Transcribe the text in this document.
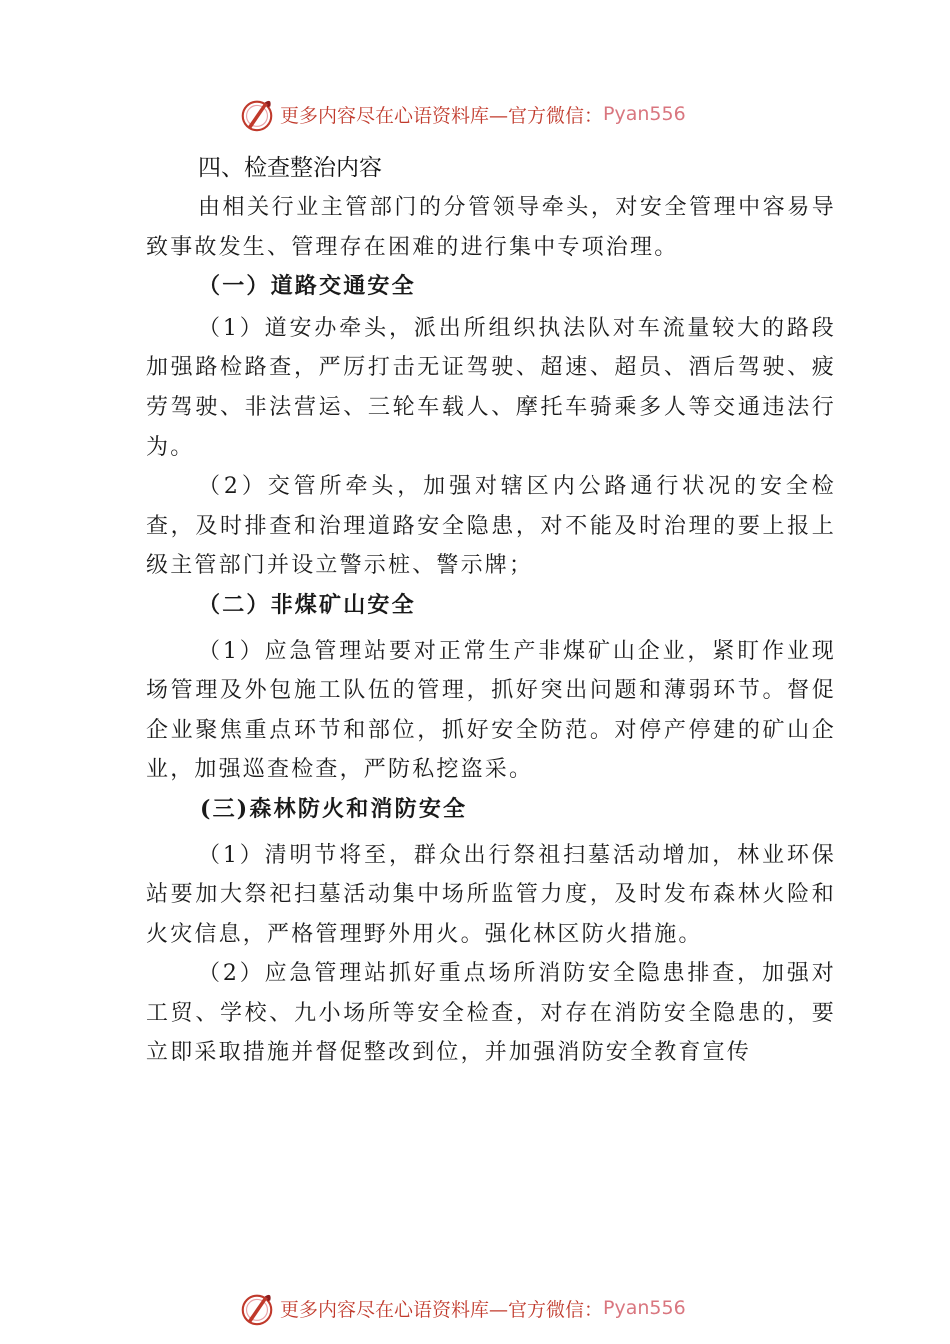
更多内容尽在心语资料库—官方微信： Pyan556
四、检查整治内容

由相关行业主管部门的分管领导牵头，对安全管理中容易导致事故发生、管理存在困难的进行集中专项治理。

（一）道路交通安全

（1）道安办牵头，派出所组织执法队对车流量较大的路段加强路检路查，严厉打击无证驾驶、超速、超员、酒后驾驶、疲劳驾驶、非法营运、三轮车载人、摩托车骑乘多人等交通违法行为。

（2）交管所牵头，加强对辖区内公路通行状况的安全检查，及时排查和治理道路安全隐患，对不能及时治理的要上报上级主管部门并设立警示桩、警示牌；

（二）非煤矿山安全

（1）应急管理站要对正常生产非煤矿山企业，紧盯作业现场管理及外包施工队伍的管理，抓好突出问题和薄弱环节。督促企业聚焦重点环节和部位，抓好安全防范。对停产停建的矿山企业，加强巡查检查，严防私挖盗采。

(三)森林防火和消防安全

（1）清明节将至，群众出行祭祖扫墓活动增加，林业环保站要加大祭祀扫墓活动集中场所监管力度，及时发布森林火险和火灾信息，严格管理野外用火。强化林区防火措施。

（2）应急管理站抓好重点场所消防安全隐患排查，加强对工贸、学校、九小场所等安全检查，对存在消防安全隐患的，要立即采取措施并督促整改到位，并加强消防安全教育宣传

更多内容尽在心语资料库—官方微信： Pyan556
